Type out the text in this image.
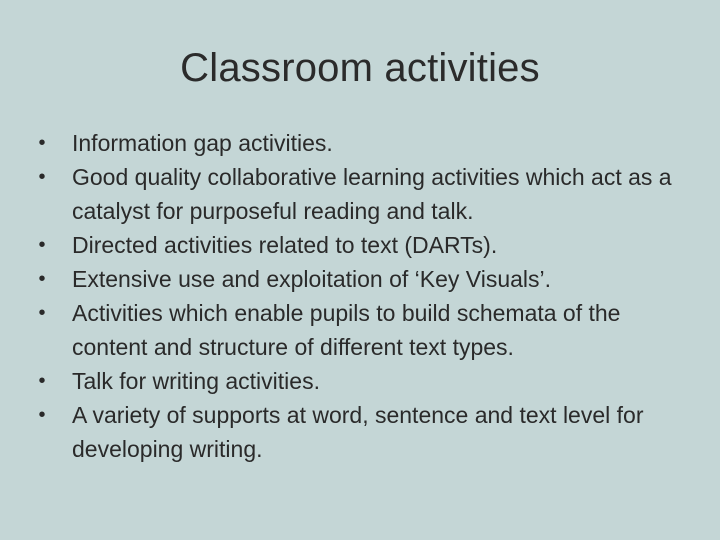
Classroom activities
• Information gap activities.
• Good quality collaborative learning activities which act as a catalyst for purposeful reading and talk.
• Directed activities related to text (DARTs).
• Extensive use and exploitation of ‘Key Visuals’.
• Activities which enable pupils to build schemata of the content and structure of different text types.
• Talk for writing activities.
• A variety of supports at word, sentence and text level for developing writing.
